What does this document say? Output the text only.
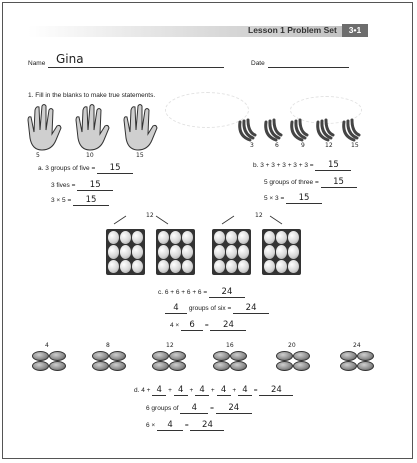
Lesson 1 Problem Set	3•1
Name Gina	Date
1. Fill in the blanks to make true statements.
5	10	15
3	6	9	12	15
a. 3 groups of five = 15
3 fives = 15
3 × 5 = 15
b. 3 + 3 + 3 + 3 + 3 = 15
5 groups of three = 15
5 × 3 = 15
12	12
c. 6 + 6 + 6 + 6 = 24
4 groups of six = 24
4 × 6 = 24
4	8	12	16	20	24
d. 4 + 4 + 4 + 4 + 4 + 4 = 24
6 groups of 4 = 24
6 × 4 = 24
